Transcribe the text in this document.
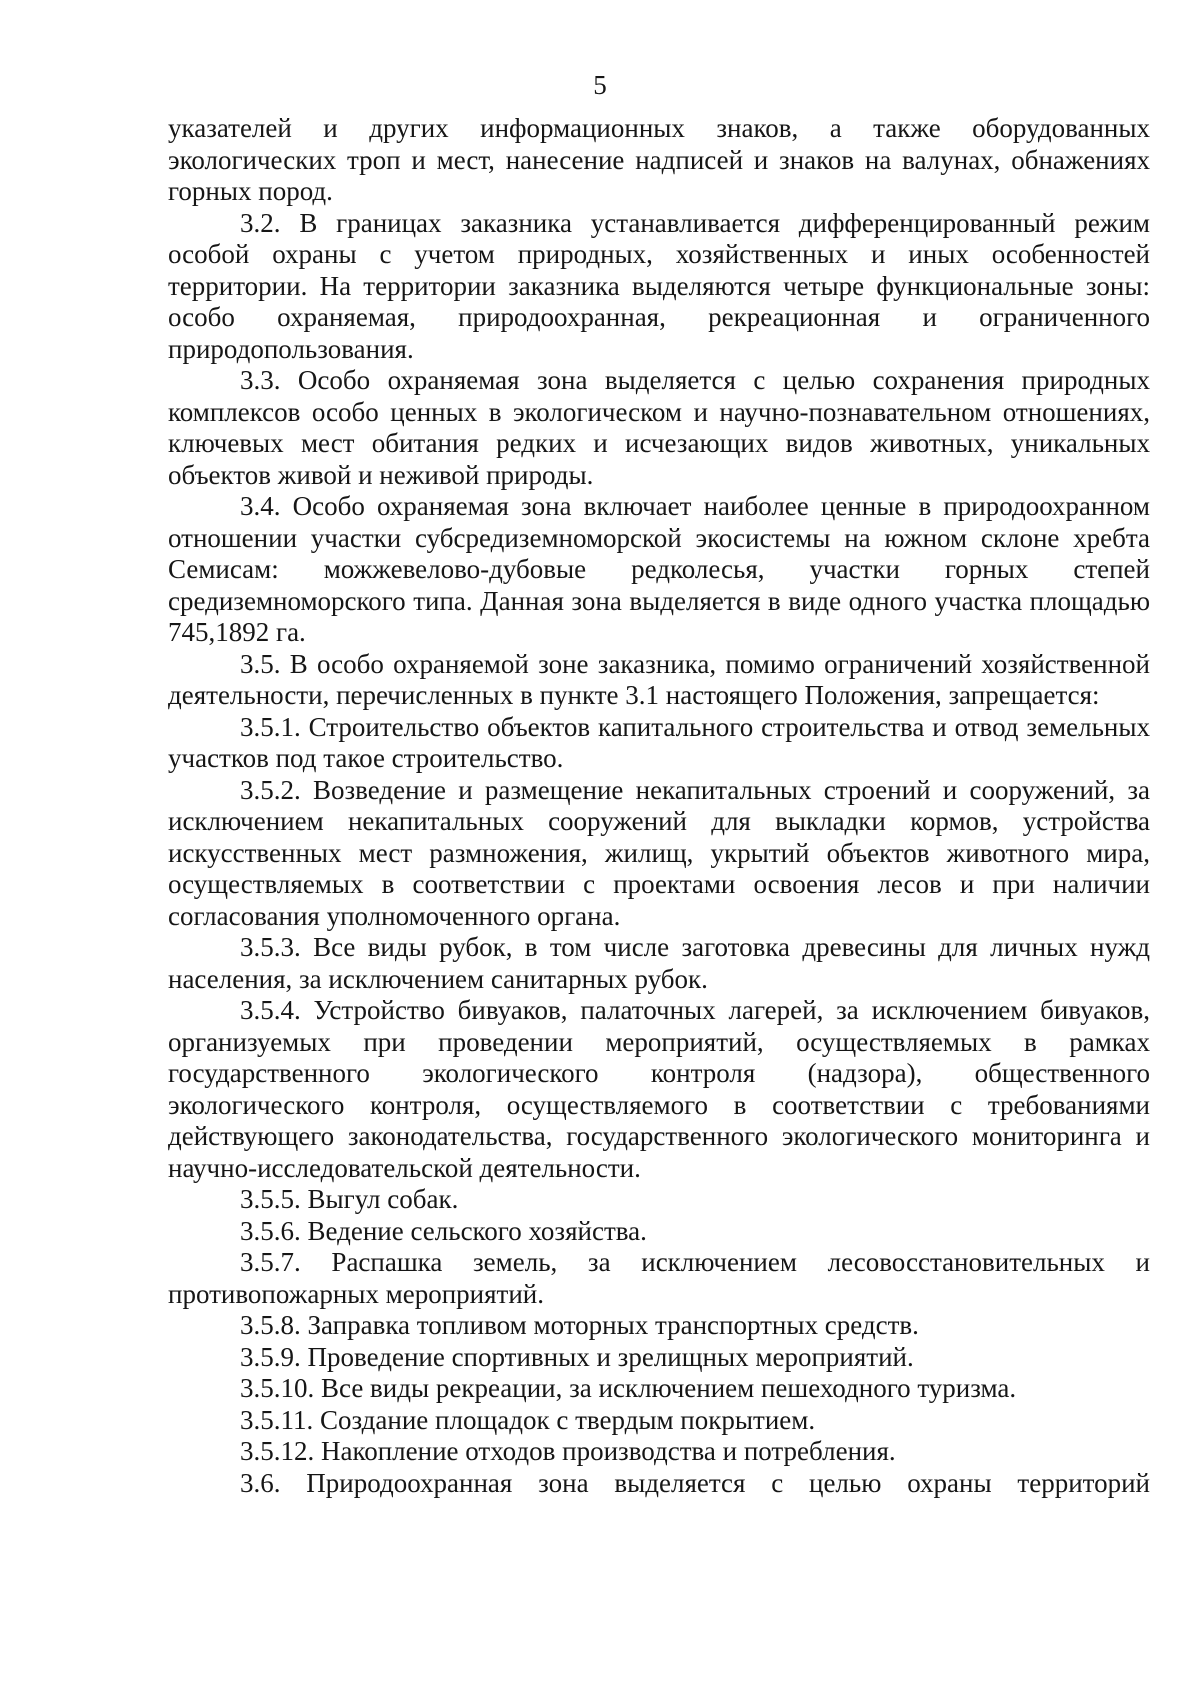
5

указателей и других информационных знаков, а также оборудованных экологических троп и мест, нанесение надписей и знаков на валунах, обнажениях горных пород.

3.2. В границах заказника устанавливается дифференцированный режим особой охраны с учетом природных, хозяйственных и иных особенностей территории. На территории заказника выделяются четыре функциональные зоны: особо охраняемая, природоохранная, рекреационная и ограниченного природопользования.

3.3. Особо охраняемая зона выделяется с целью сохранения природных комплексов особо ценных в экологическом и научно-познавательном отношениях, ключевых мест обитания редких и исчезающих видов животных, уникальных объектов живой и неживой природы.

3.4. Особо охраняемая зона включает наиболее ценные в природоохранном отношении участки субсредиземноморской экосистемы на южном склоне хребта Семисам: можжевелово-дубовые редколесья, участки горных степей средиземноморского типа. Данная зона выделяется в виде одного участка площадью 745,1892 га.

3.5. В особо охраняемой зоне заказника, помимо ограничений хозяйственной деятельности, перечисленных в пункте 3.1 настоящего Положения, запрещается:

3.5.1. Строительство объектов капитального строительства и отвод земельных участков под такое строительство.

3.5.2. Возведение и размещение некапитальных строений и сооружений, за исключением некапитальных сооружений для выкладки кормов, устройства искусственных мест размножения, жилищ, укрытий объектов животного мира, осуществляемых в соответствии с проектами освоения лесов и при наличии согласования уполномоченного органа.

3.5.3. Все виды рубок, в том числе заготовка древесины для личных нужд населения, за исключением санитарных рубок.

3.5.4. Устройство бивуаков, палаточных лагерей, за исключением бивуаков, организуемых при проведении мероприятий, осуществляемых в рамках государственного экологического контроля (надзора), общественного экологического контроля, осуществляемого в соответствии с требованиями действующего законодательства, государственного экологического мониторинга и научно-исследовательской деятельности.

3.5.5. Выгул собак.

3.5.6. Ведение сельского хозяйства.

3.5.7. Распашка земель, за исключением лесовосстановительных и противопожарных мероприятий.

3.5.8. Заправка топливом моторных транспортных средств.

3.5.9. Проведение спортивных и зрелищных мероприятий.

3.5.10. Все виды рекреации, за исключением пешеходного туризма.

3.5.11. Создание площадок с твердым покрытием.

3.5.12. Накопление отходов производства и потребления.

3.6. Природоохранная зона выделяется с целью охраны территорий
